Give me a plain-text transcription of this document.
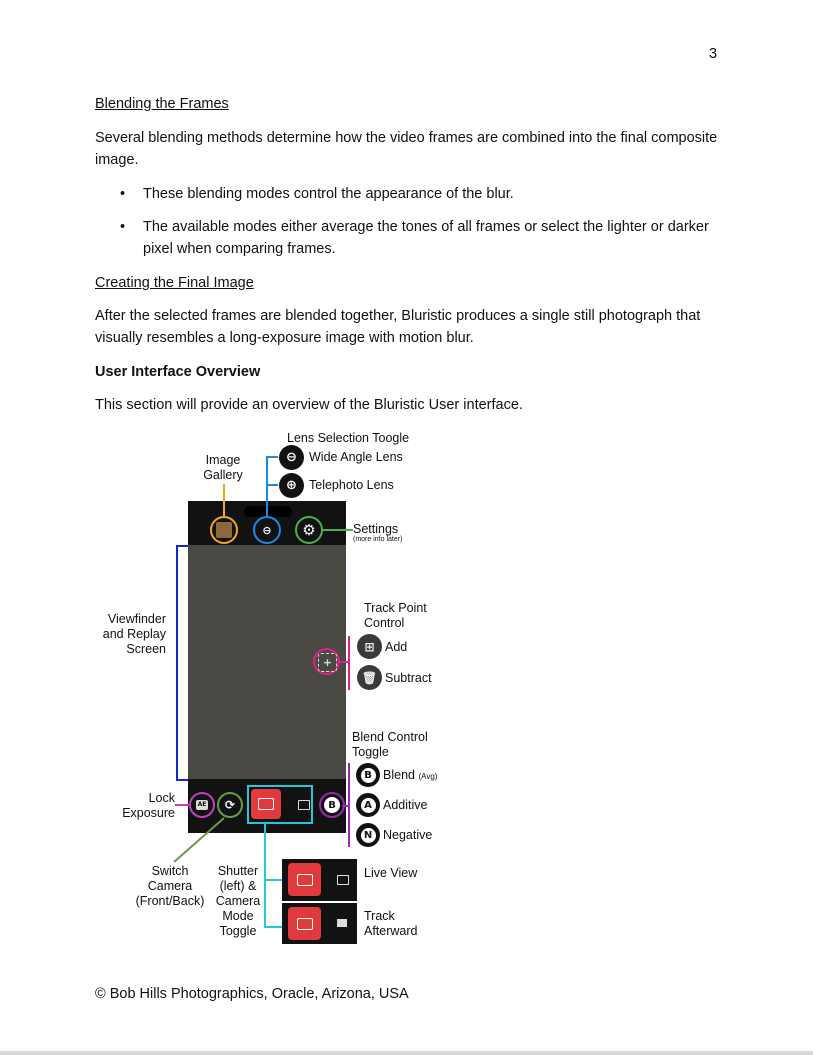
3
Blending the Frames
Several blending methods determine how the video frames are combined into the final composite image.
• These blending modes control the appearance of the blur.
• The available modes either average the tones of all frames or select the lighter or darker pixel when comparing frames.
Creating the Final Image
After the selected frames are blended together, Bluristic produces a single still photograph that visually resembles a long-exposure image with motion blur.
User Interface Overview
This section will provide an overview of the Bluristic User interface.
Image Gallery
Lens Selection Toogle
⊖ Wide Angle Lens
⊕ Telephoto Lens
⊖ ⚙	Settings
(more info later)
Viewfinder and Replay Screen
Track Point Control
+
⊞ Add
🗑 Subtract
Blend Control Toggle
B Blend (Avg)
A Additive
N Negative
AE
Lock Exposure
⟳
Switch Camera (Front/Back)
Shutter (left) & Camera Mode Toggle
B
Live View
Track Afterward
© Bob Hills Photographics, Oracle, Arizona, USA
